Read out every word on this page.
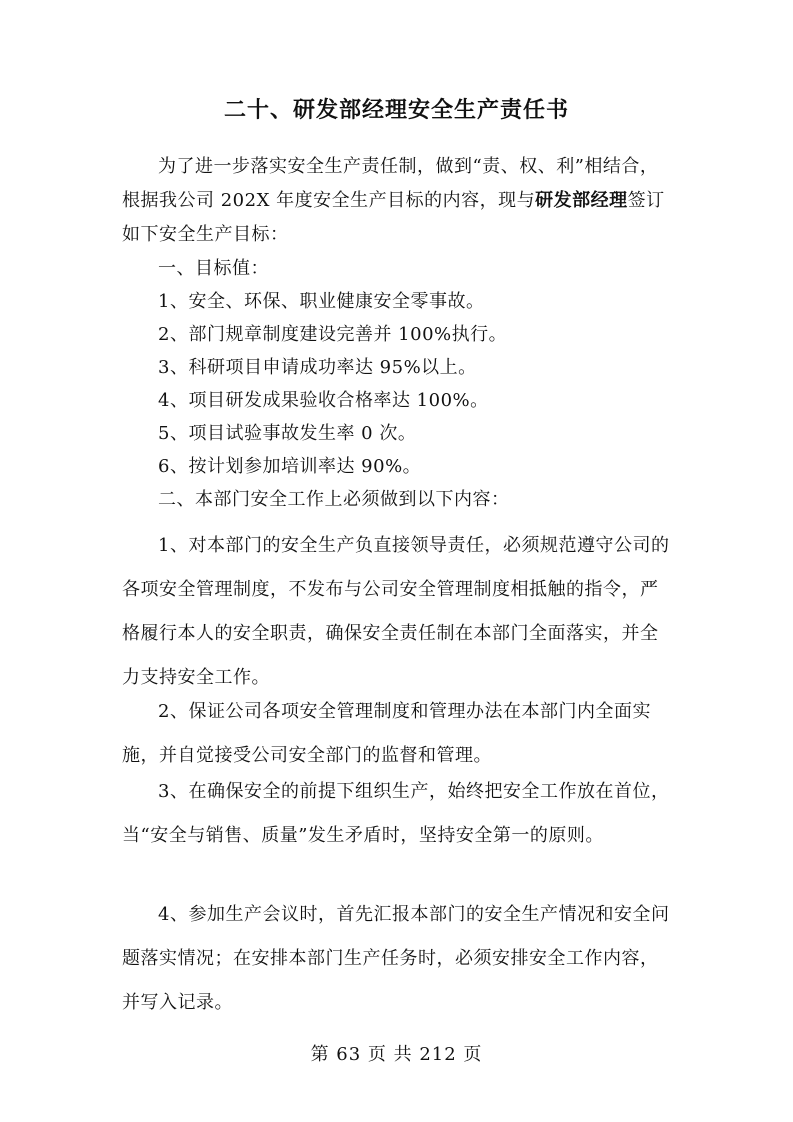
二十、研发部经理安全生产责任书
为了进一步落实安全生产责任制，做到“责、权、利”相结合，根据我公司 202X 年度安全生产目标的内容，现与研发部经理签订如下安全生产目标：
一、目标值：
1、安全、环保、职业健康安全零事故。
2、部门规章制度建设完善并 100%执行。
3、科研项目申请成功率达 95%以上。
4、项目研发成果验收合格率达 100%。
5、项目试验事故发生率 0 次。
6、按计划参加培训率达 90%。
二、本部门安全工作上必须做到以下内容：

1、对本部门的安全生产负直接领导责任，必须规范遵守公司的各项安全管理制度，不发布与公司安全管理制度相抵触的指令，严格履行本人的安全职责，确保安全责任制在本部门全面落实，并全力支持安全工作。

2、保证公司各项安全管理制度和管理办法在本部门内全面实施，并自觉接受公司安全部门的监督和管理。

3、在确保安全的前提下组织生产，始终把安全工作放在首位，当“安全与销售、质量”发生矛盾时，坚持安全第一的原则。

4、参加生产会议时，首先汇报本部门的安全生产情况和安全问题落实情况；在安排本部门生产任务时，必须安排安全工作内容，并写入记录。

第 63 页 共 212 页
